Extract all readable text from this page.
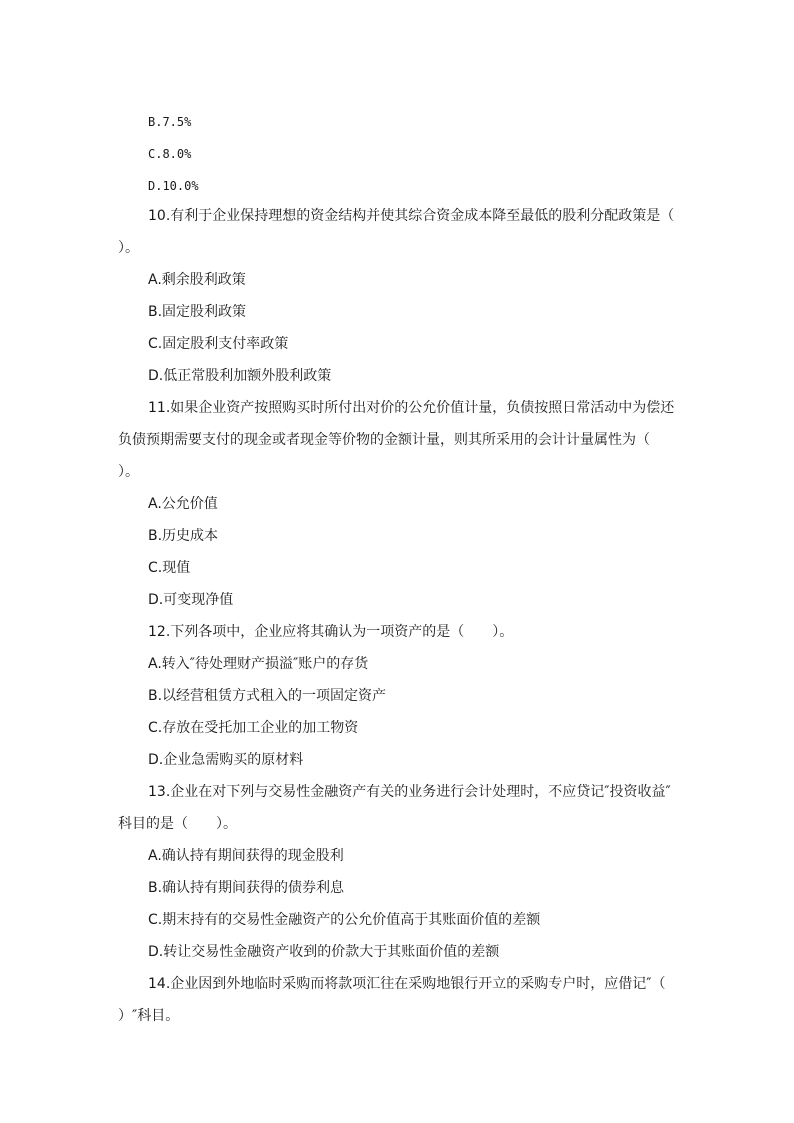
B.7.5%
C.8.0%
D.10.0%
10.有利于企业保持理想的资金结构并使其综合资金成本降至最低的股利分配政策是（
）。
A.剩余股利政策
B.固定股利政策
C.固定股利支付率政策
D.低正常股利加额外股利政策
11.如果企业资产按照购买时所付出对价的公允价值计量，负债按照日常活动中为偿还
负债预期需要支付的现金或者现金等价物的金额计量，则其所采用的会计计量属性为（
）。
A.公允价值
B.历史成本
C.现值
D.可变现净值
12.下列各项中，企业应将其确认为一项资产的是（　　）。
A.转入″待处理财产损溢″账户的存货
B.以经营租赁方式租入的一项固定资产
C.存放在受托加工企业的加工物资
D.企业急需购买的原材料
13.企业在对下列与交易性金融资产有关的业务进行会计处理时，不应贷记″投资收益″
科目的是（　　）。
A.确认持有期间获得的现金股利
B.确认持有期间获得的债券利息
C.期末持有的交易性金融资产的公允价值高于其账面价值的差额
D.转让交易性金融资产收到的价款大于其账面价值的差额
14.企业因到外地临时采购而将款项汇往在采购地银行开立的采购专户时，应借记″（
）″科目。
